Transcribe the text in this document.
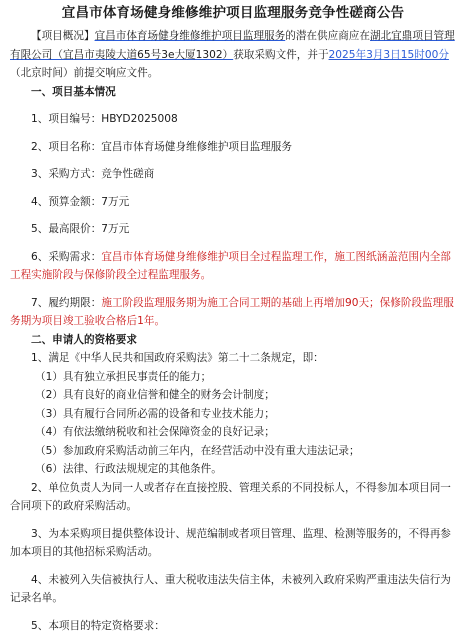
宜昌市体育场健身维修维护项目监理服务竞争性磋商公告

【项目概况】宜昌市体育场健身维修维护项目监理服务的潜在供应商应在湖北宜鼎项目管理有限公司（宜昌市夷陵大道65号3e大厦1302）获取采购文件，并于2025年3月3日15时00分（北京时间）前提交响应文件。

一、项目基本情况

1、项目编号：HBYD2025008

2、项目名称：宜昌市体育场健身维修维护项目监理服务

3、采购方式：竞争性磋商

4、预算金额：7万元

5、最高限价：7万元

6、采购需求：宜昌市体育场健身维修维护项目全过程监理工作，施工图纸涵盖范围内全部工程实施阶段与保修阶段全过程监理服务。

7、履约期限：施工阶段监理服务期为施工合同工期的基础上再增加90天；保修阶段监理服务期为项目竣工验收合格后1年。

二、申请人的资格要求

1、满足《中华人民共和国政府采购法》第二十二条规定，即：

（1）具有独立承担民事责任的能力；

（2）具有良好的商业信誉和健全的财务会计制度；

（3）具有履行合同所必需的设备和专业技术能力；

（4）有依法缴纳税收和社会保障资金的良好记录；

（5）参加政府采购活动前三年内，在经营活动中没有重大违法记录；

（6）法律、行政法规规定的其他条件。

2、单位负责人为同一人或者存在直接控股、管理关系的不同投标人，不得参加本项目同一合同项下的政府采购活动。

3、为本采购项目提供整体设计、规范编制或者项目管理、监理、检测等服务的，不得再参加本项目的其他招标采购活动。

4、未被列入失信被执行人、重大税收违法失信主体，未被列入政府采购严重违法失信行为记录名单。

5、本项目的特定资格要求：
